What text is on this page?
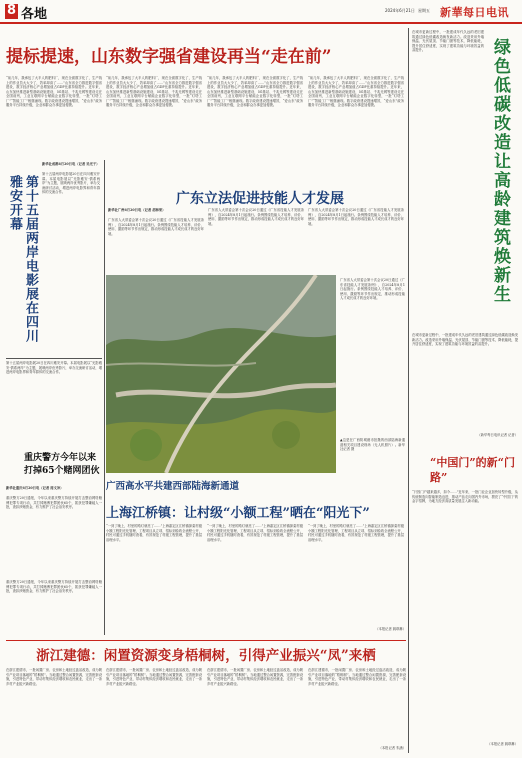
8 各地	2024年6月21日 星期五 新華每日电讯
提标提速，山东数字强省建设再当“走在前”
“前几年，我承包了大半人的肥料厂，现在全面数字化了，生产线上的作业员大大少了，效率却高了……”山东省全力推进数字强省建设，数字经济核心产业增加值占GDP比重持续提升。近年来，山东加快推进新型基础设施建设，5G基站、千兆光网等建设走在全国前列，工业互联网平台赋能企业数字化转型，一批“灯塔工厂”“智能工厂”相继涌现。数字政府建设提速增效，“爱山东”政务服务平台持续升级，企业和群众办事更加便捷。
“前几年，我承包了大半人的肥料厂，现在全面数字化了，生产线上的作业员大大少了，效率却高了……”山东省全力推进数字强省建设，数字经济核心产业增加值占GDP比重持续提升。近年来，山东加快推进新型基础设施建设，5G基站、千兆光网等建设走在全国前列，工业互联网平台赋能企业数字化转型，一批“灯塔工厂”“智能工厂”相继涌现。数字政府建设提速增效，“爱山东”政务服务平台持续升级，企业和群众办事更加便捷。
“前几年，我承包了大半人的肥料厂，现在全面数字化了，生产线上的作业员大大少了，效率却高了……”山东省全力推进数字强省建设，数字经济核心产业增加值占GDP比重持续提升。近年来，山东加快推进新型基础设施建设，5G基站、千兆光网等建设走在全国前列，工业互联网平台赋能企业数字化转型，一批“灯塔工厂”“智能工厂”相继涌现。数字政府建设提速增效，“爱山东”政务服务平台持续升级，企业和群众办事更加便捷。
“前几年，我承包了大半人的肥料厂，现在全面数字化了，生产线上的作业员大大少了，效率却高了……”山东省全力推进数字强省建设，数字经济核心产业增加值占GDP比重持续提升。近年来，山东加快推进新型基础设施建设，5G基站、千兆光网等建设走在全国前列，工业互联网平台赋能企业数字化转型，一批“灯塔工厂”“智能工厂”相继涌现。数字政府建设提速增效，“爱山东”政务服务平台持续升级，企业和群众办事更加便捷。
第十五届两岸电影展在四川雅安开幕
新华社成都6月20日电（记者 吴光于）
第十五届两岸电影展20日在四川雅安开幕。本届电影展以“光影雅安·情系两岸”为主题，展映两岸优秀影片，举办交流研讨活动，增进两岸电影界和青年群体的交流合作。
第十五届两岸电影展20日在四川雅安开幕。本届电影展以“光影雅安·情系两岸”为主题，展映两岸优秀影片，举办交流研讨活动，增进两岸电影界和青年群体的交流合作。
重庆警方今年以来打掉65个赌网团伙
新华社重庆6月20日电（记者 周文冲）
重庆警方20日通报，今年以来重庆警方持续开展打击整治网络赌博犯罪专项行动，共打掉赌博犯罪团伙65个，抓获犯罪嫌疑人一批，查扣涉赌资金，有力维护了社会治安秩序。
广东立法促进技能人才发展
新华社广州6月20日电（记者 胡林果）
广东省人大常委会第十次会议20日通过《广东省技能人才发展条例》，自2024年8月1日起施行。条例围绕技能人才培养、评价、使用、激励等环节作出规定，推动形成技能人才成长成才的良好环境。
广东省人大常委会第十次会议20日通过《广东省技能人才发展条例》，自2024年8月1日起施行。条例围绕技能人才培养、评价、使用、激励等环节作出规定，推动形成技能人才成长成才的良好环境。
广东省人大常委会第十次会议20日通过《广东省技能人才发展条例》，自2024年8月1日起施行。条例围绕技能人才培养、评价、使用、激励等环节作出规定，推动形成技能人才成长成才的良好环境。
广西高水平共建西部陆海新通道
▲这是在广西防城港市拍摄的西部陆海新通道相关项目建设现场（无人机照片）。新华社记者 摄
广东省人大常委会第十次会议20日通过《广东省技能人才发展条例》，自2024年8月1日起施行。条例围绕技能人才培养、评价、使用、激励等环节作出规定，推动形成技能人才成长成才的良好环境。
上海江桥镇：让村级“小额工程”晒在“阳光下”
“一到了晚上，村里的路灯就亮了……”上海嘉定区江桥镇探索村级小额工程阳光化管理，工程项目从立项、招标到验收全流程公开，村民可通过手机随时查看，有效规范了村级工程管理，提升了基层治理水平。
“一到了晚上，村里的路灯就亮了……”上海嘉定区江桥镇探索村级小额工程阳光化管理，工程项目从立项、招标到验收全流程公开，村民可通过手机随时查看，有效规范了村级工程管理，提升了基层治理水平。
“一到了晚上，村里的路灯就亮了……”上海嘉定区江桥镇探索村级小额工程阳光化管理，工程项目从立项、招标到验收全流程公开，村民可通过手机随时查看，有效规范了村级工程管理，提升了基层治理水平。
（本报记者 姚琪琳）
重庆警方20日通报，今年以来重庆警方持续开展打击整治网络赌博犯罪专项行动，共打掉赌博犯罪团伙65个，抓获犯罪嫌疑人一批，查扣涉赌资金，有力维护了社会治安秩序。
绿色低碳改造让高龄建筑焕新生
在城市更新过程中，一批建成年代久远的老旧建筑通过绿色低碳改造焕发新活力。改造采用外墙保温、光伏屋顶、节能门窗等技术，降低能耗，提升居住舒适度，实现了建筑功能与环境效益的双提升。
在城市更新过程中，一批建成年代久远的老旧建筑通过绿色低碳改造焕发新活力。改造采用外墙保温、光伏屋顶、节能门窗等技术，降低能耗，提升居住舒适度，实现了建筑功能与环境效益的双提升。
（新华每日电讯记者 记者）
“中国门”的新“门路”
“只因门户越来越多，如今……”近年来，一批门业企业加快转型升级，从传统制造向智能制造迈进，推动产品走向国内外市场，擦亮了“中国门”的金字招牌，为地方经济高质量发展注入新动能。
（本报记者 姚琪琳）
浙江建德：闲置资源变身梧桐树，引得产业振兴“凤”来栖
在浙江建德市，一批闲置厂房、农房和土地经过盘活改造，成为吸引产业项目落地的“梧桐树”。当地通过整合闲置资源，完善配套设施，引进特色产业，带动村集体经济增收和农民就业，走出了一条乡村产业振兴新路径。
在浙江建德市，一批闲置厂房、农房和土地经过盘活改造，成为吸引产业项目落地的“梧桐树”。当地通过整合闲置资源，完善配套设施，引进特色产业，带动村集体经济增收和农民就业，走出了一条乡村产业振兴新路径。
在浙江建德市，一批闲置厂房、农房和土地经过盘活改造，成为吸引产业项目落地的“梧桐树”。当地通过整合闲置资源，完善配套设施，引进特色产业，带动村集体经济增收和农民就业，走出了一条乡村产业振兴新路径。
在浙江建德市，一批闲置厂房、农房和土地经过盘活改造，成为吸引产业项目落地的“梧桐树”。当地通过整合闲置资源，完善配套设施，引进特色产业，带动村集体经济增收和农民就业，走出了一条乡村产业振兴新路径。
（本报记者 朱涵）
